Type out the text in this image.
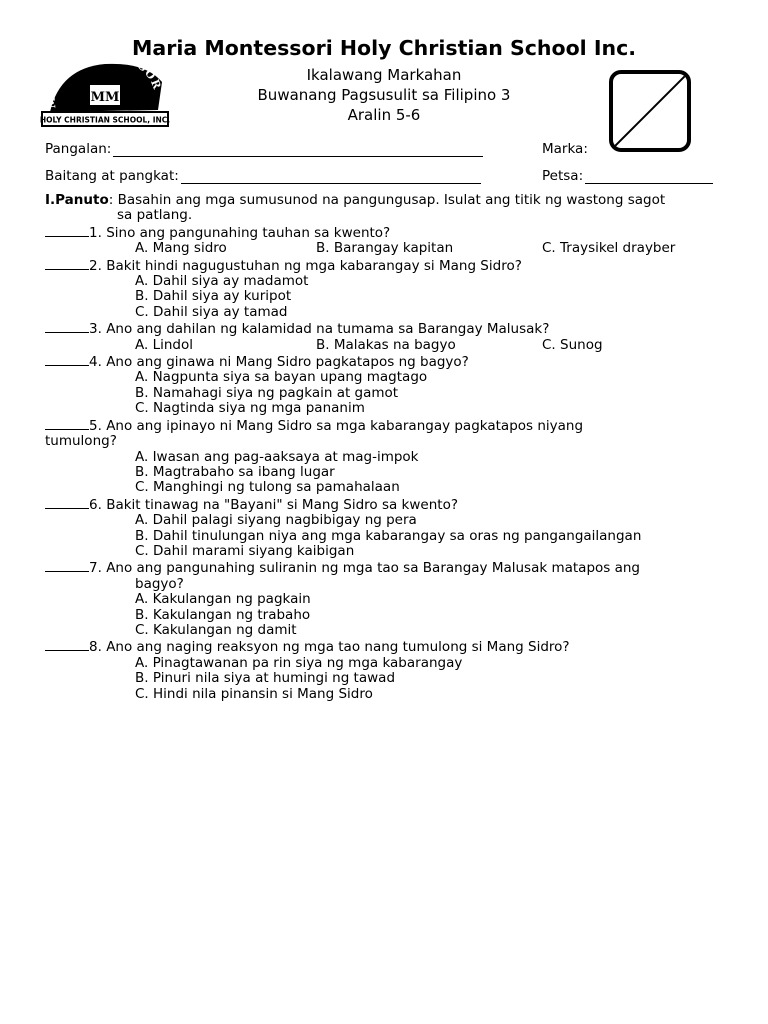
Maria Montessori Holy Christian School Inc.
Ikalawang Markahan
Buwanang Pagsusulit sa Filipino 3
Aralin 5-6
MARIA SSOR
MM
HOLY CHRISTIAN SCHOOL, INC.
Pangalan:	Marka:
Baitang at pangkat:	Petsa:

I.Panuto: Basahin ang mga sumusunod na pangungusap. Isulat ang titik ng wastong sagotsa patlang.

1. Sino ang pangunahing tauhan sa kwento?
A. Mang sidro	B. Barangay kapitan	C. Traysikel drayber
2. Bakit hindi nagugustuhan ng mga kabarangay si Mang Sidro?
A. Dahil siya ay madamot
B. Dahil siya ay kuripot
C. Dahil siya ay tamad
3. Ano ang dahilan ng kalamidad na tumama sa Barangay Malusak?
A. Lindol	B. Malakas na bagyo	C. Sunog
4. Ano ang ginawa ni Mang Sidro pagkatapos ng bagyo?
A. Nagpunta siya sa bayan upang magtago
B. Namahagi siya ng pagkain at gamot
C. Nagtinda siya ng mga pananim
5. Ano ang ipinayo ni Mang Sidro sa mga kabarangay pagkatapos niyang
tumulong?
A. Iwasan ang pag-aaksaya at mag-impok
B. Magtrabaho sa ibang lugar
C. Manghingi ng tulong sa pamahalaan
6. Bakit tinawag na "Bayani" si Mang Sidro sa kwento?
A. Dahil palagi siyang nagbibigay ng pera
B. Dahil tinulungan niya ang mga kabarangay sa oras ng pangangailangan
C. Dahil marami siyang kaibigan
7. Ano ang pangunahing suliranin ng mga tao sa Barangay Malusak matapos ang
bagyo?
A. Kakulangan ng pagkain
B. Kakulangan ng trabaho
C. Kakulangan ng damit
8. Ano ang naging reaksyon ng mga tao nang tumulong si Mang Sidro?
A. Pinagtawanan pa rin siya ng mga kabarangay
B. Pinuri nila siya at humingi ng tawad
C. Hindi nila pinansin si Mang Sidro
